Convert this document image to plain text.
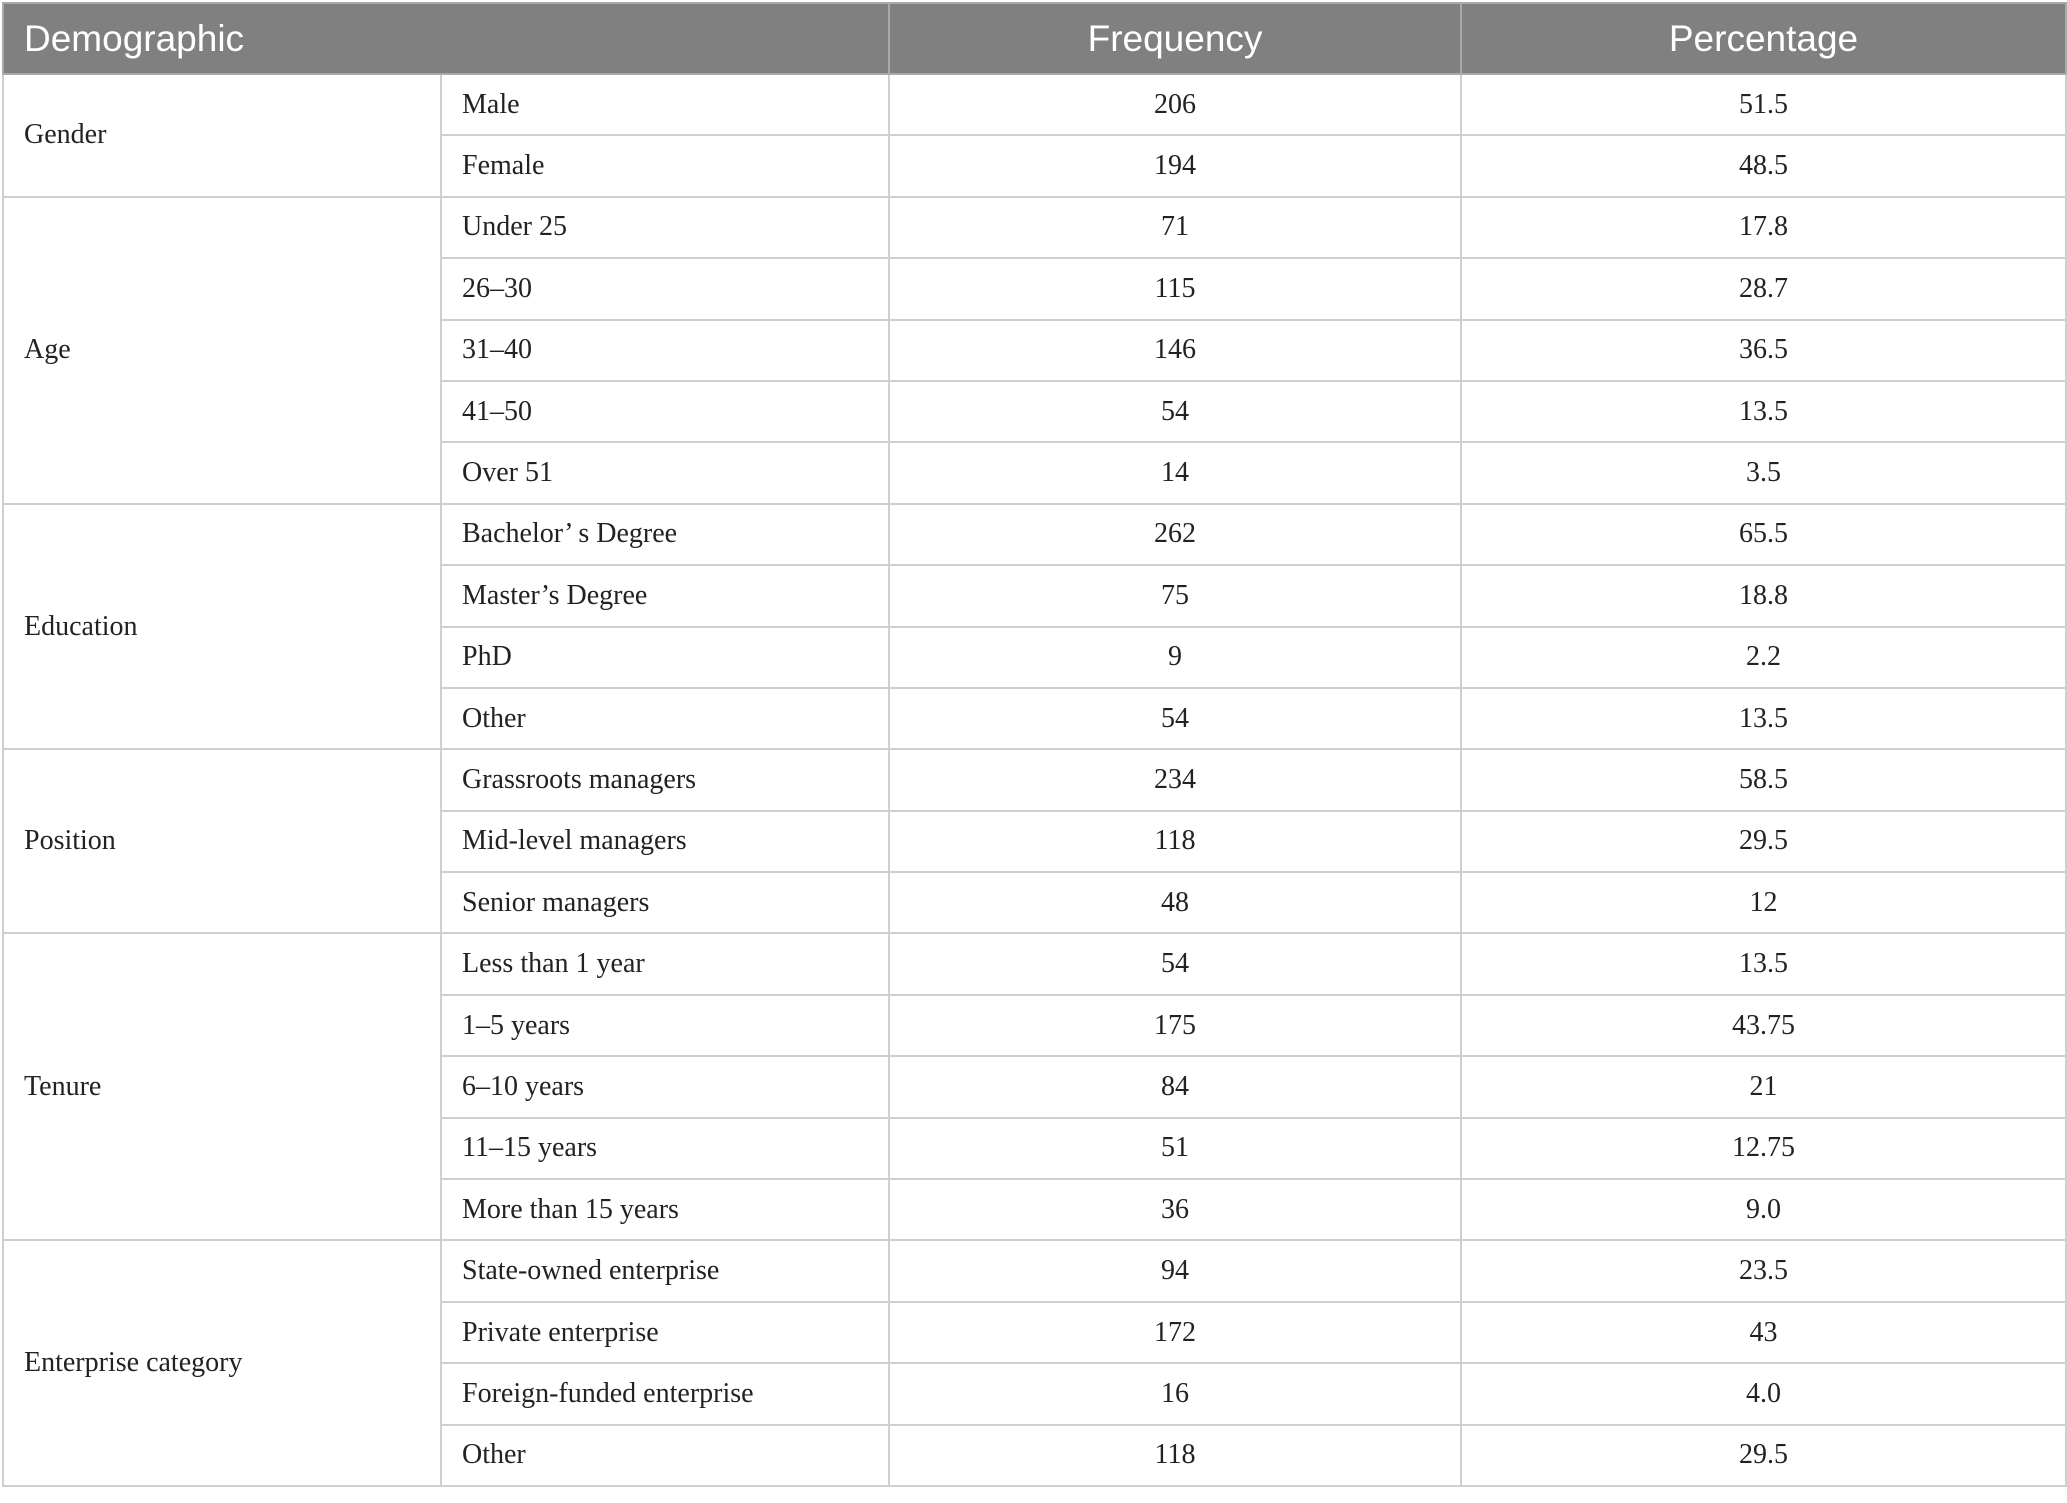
Demographic		Frequency	Percentage
Gender	Male	206	51.5
	Female	194	48.5
Age	Under 25	71	17.8
	26–30	115	28.7
	31–40	146	36.5
	41–50	54	13.5
	Over 51	14	3.5
Education	Bachelor’ s Degree	262	65.5
	Master’s Degree	75	18.8
	PhD	9	2.2
	Other	54	13.5
Position	Grassroots managers	234	58.5
	Mid-level managers	118	29.5
	Senior managers	48	12
Tenure	Less than 1 year	54	13.5
	1–5 years	175	43.75
	6–10 years	84	21
	11–15 years	51	12.75
	More than 15 years	36	9.0
Enterprise category	State-owned enterprise	94	23.5
	Private enterprise	172	43
	Foreign-funded enterprise	16	4.0
	Other	118	29.5
